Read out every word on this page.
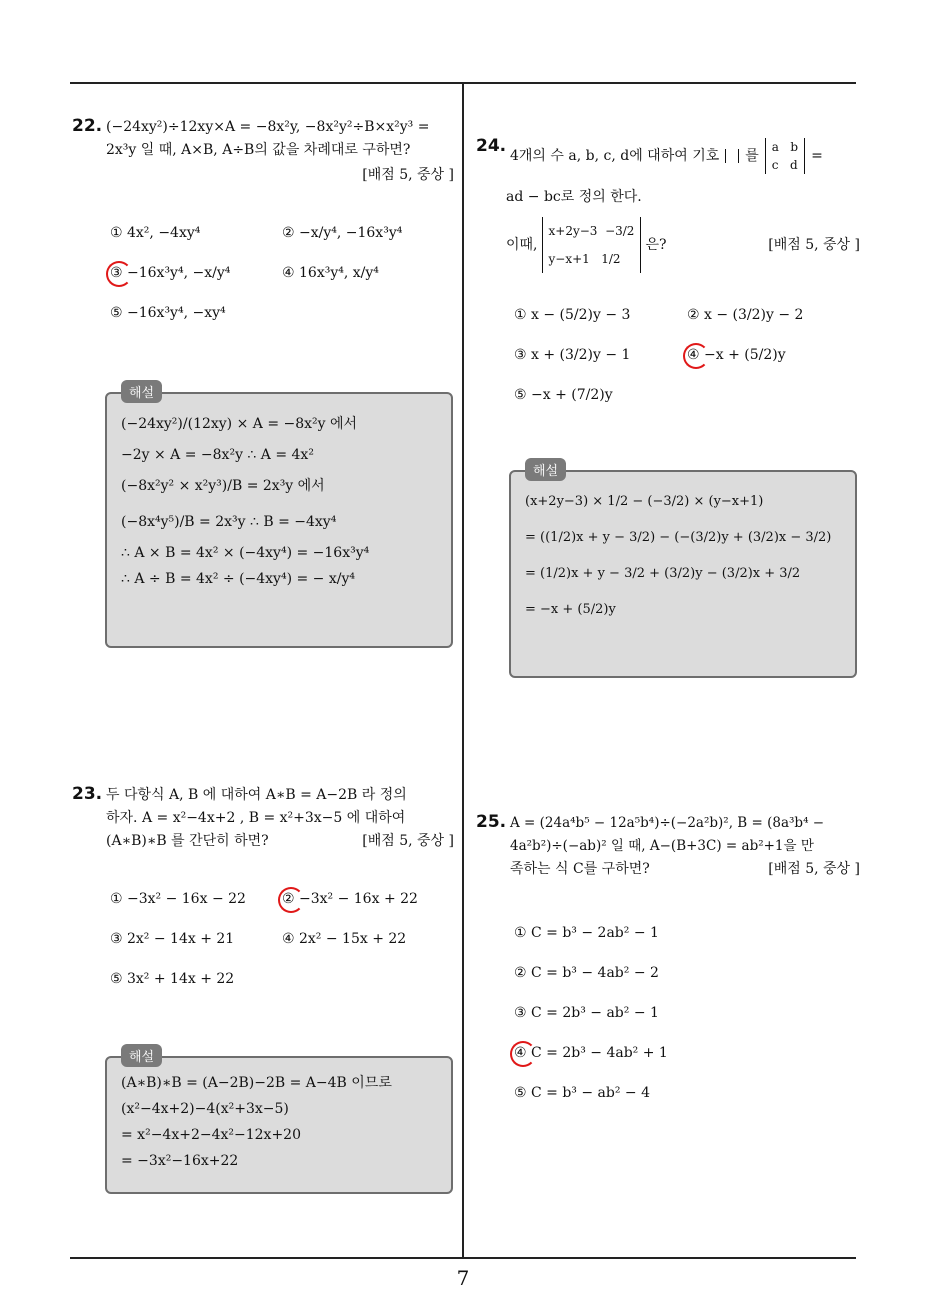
22. (−24xy²)÷12xy×A = −8x²y, −8x²y²÷B×x²y³ =
2x³y 일 때, A×B, A÷B의 값을 차례대로 구하면?
[배점 5, 중상 ]
① 4x², −4xy⁴	② −x/y⁴, −16x³y⁴
③ −16x³y⁴, −x/y⁴	④ 16x³y⁴, x/y⁴
⑤ −16x³y⁴, −xy⁴
해설
(−24xy²)/(12xy) × A = −8x²y 에서
−2y × A = −8x²y ∴ A = 4x²
(−8x²y² × x²y³)/B = 2x³y 에서
(−8x⁴y⁵)/B = 2x³y ∴ B = −4xy⁴
∴ A × B = 4x² × (−4xy⁴) = −16x³y⁴
∴ A ÷ B = 4x² ÷ (−4xy⁴) = − x/y⁴
23. 두 다항식 A, B 에 대하여 A∗B = A−2B 라 정의
하자. A = x²−4x+2 , B = x²+3x−5 에 대하여
(A∗B)∗B 를 간단히 하면?	[배점 5, 중상 ]
① −3x² − 16x − 22	② −3x² − 16x + 22
③ 2x² − 14x + 21	④ 2x² − 15x + 22
⑤ 3x² + 14x + 22
해설
(A∗B)∗B = (A−2B)−2B = A−4B 이므로
(x²−4x+2)−4(x²+3x−5)
= x²−4x+2−4x²−12x+20
= −3x²−16x+22
24. 4개의 수 a, b, c, d에 대하여 기호 를
a b
c d
=
ad − bc로 정의 한다.
이때,
x+2y−3 −3/2
y−x+1 1/2
은?	[배점 5, 중상 ]
① x − (5/2)y − 3	② x − (3/2)y − 2
③ x + (3/2)y − 1	④ −x + (5/2)y
⑤ −x + (7/2)y
해설
(x+2y−3) × 1/2 − (−3/2) × (y−x+1)
= ((1/2)x + y − 3/2) − (−(3/2)y + (3/2)x − 3/2)
= (1/2)x + y − 3/2 + (3/2)y − (3/2)x + 3/2
= −x + (5/2)y
25. A = (24a⁴b⁵ − 12a⁵b⁴)÷(−2a²b)², B = (8a³b⁴ −
4a²b²)÷(−ab)² 일 때, A−(B+3C) = ab²+1을 만
족하는 식 C를 구하면?	[배점 5, 중상 ]
① C = b³ − 2ab² − 1
② C = b³ − 4ab² − 2
③ C = 2b³ − ab² − 1
④ C = 2b³ − 4ab² + 1
⑤ C = b³ − ab² − 4
7
